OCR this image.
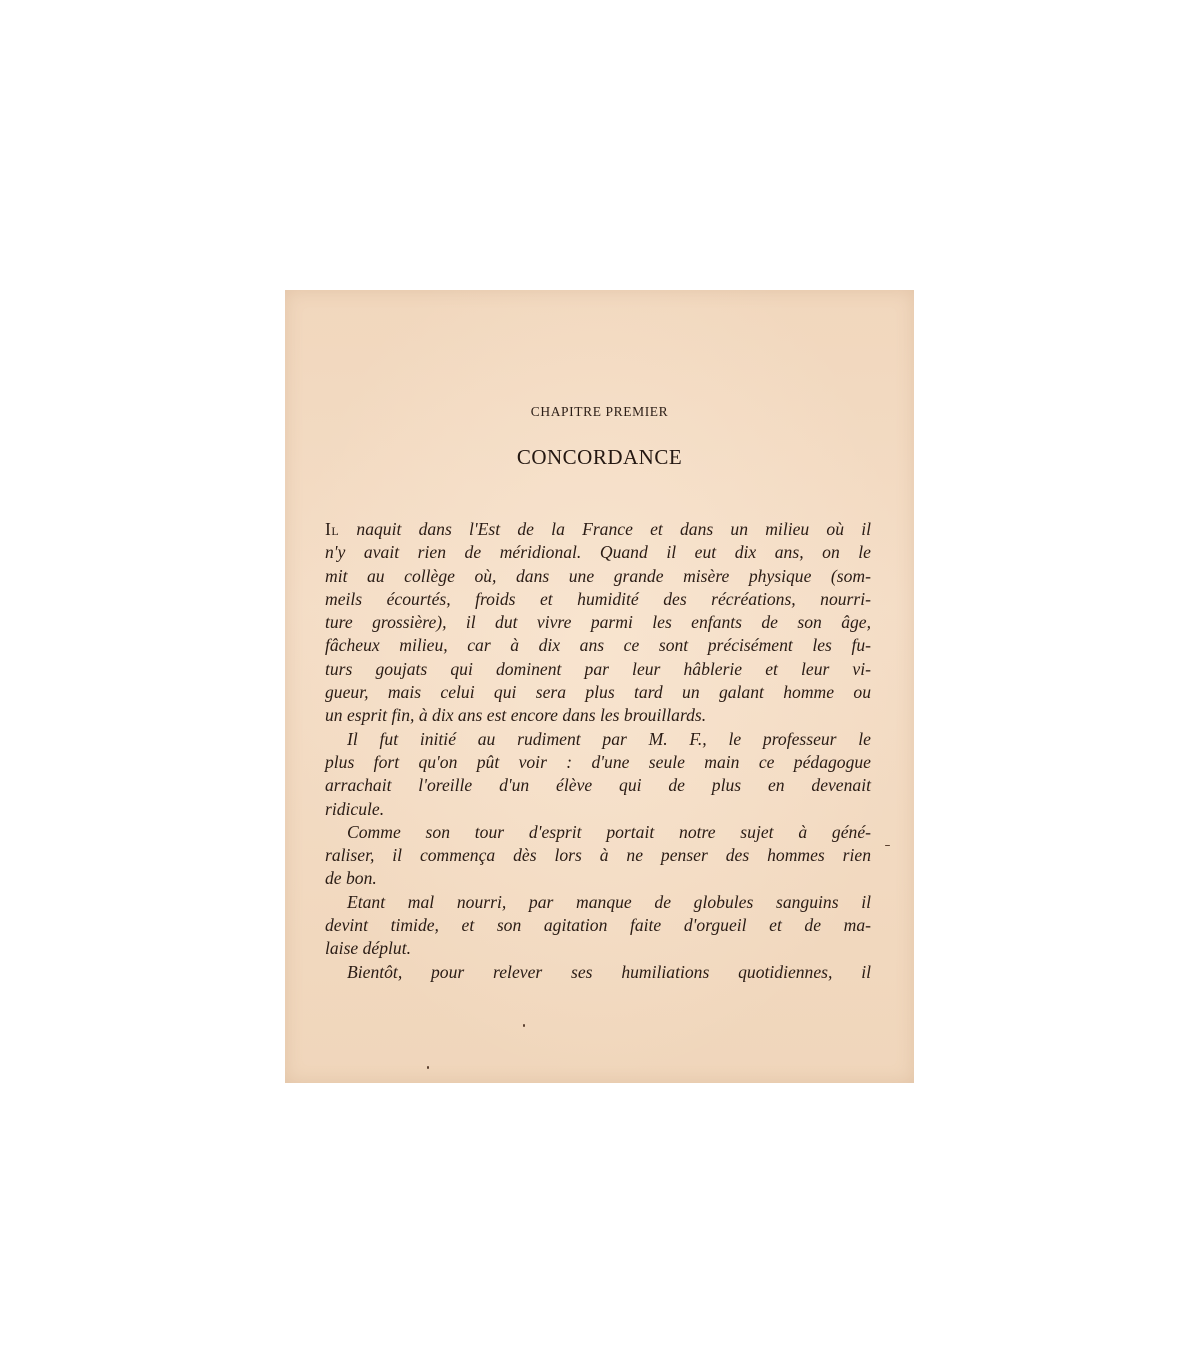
CHAPITRE PREMIER
CONCORDANCE
Il naquit dans l'Est de la France et dans un milieu où il
n'y avait rien de méridional. Quand il eut dix ans, on le
mit au collège où, dans une grande misère physique (som-
meils écourtés, froids et humidité des récréations, nourri-
ture grossière), il dut vivre parmi les enfants de son âge,
fâcheux milieu, car à dix ans ce sont précisément les fu-
turs goujats qui dominent par leur hâblerie et leur vi-
gueur, mais celui qui sera plus tard un galant homme ou
un esprit fin, à dix ans est encore dans les brouillards.
Il fut initié au rudiment par M. F., le professeur le
plus fort qu'on pût voir : d'une seule main ce pédagogue
arrachait l'oreille d'un élève qui de plus en devenait
ridicule.
Comme son tour d'esprit portait notre sujet à géné-
raliser, il commença dès lors à ne penser des hommes rien
de bon.
Etant mal nourri, par manque de globules sanguins il
devint timide, et son agitation faite d'orgueil et de ma-
laise déplut.
Bientôt, pour relever ses humiliations quotidiennes, il
